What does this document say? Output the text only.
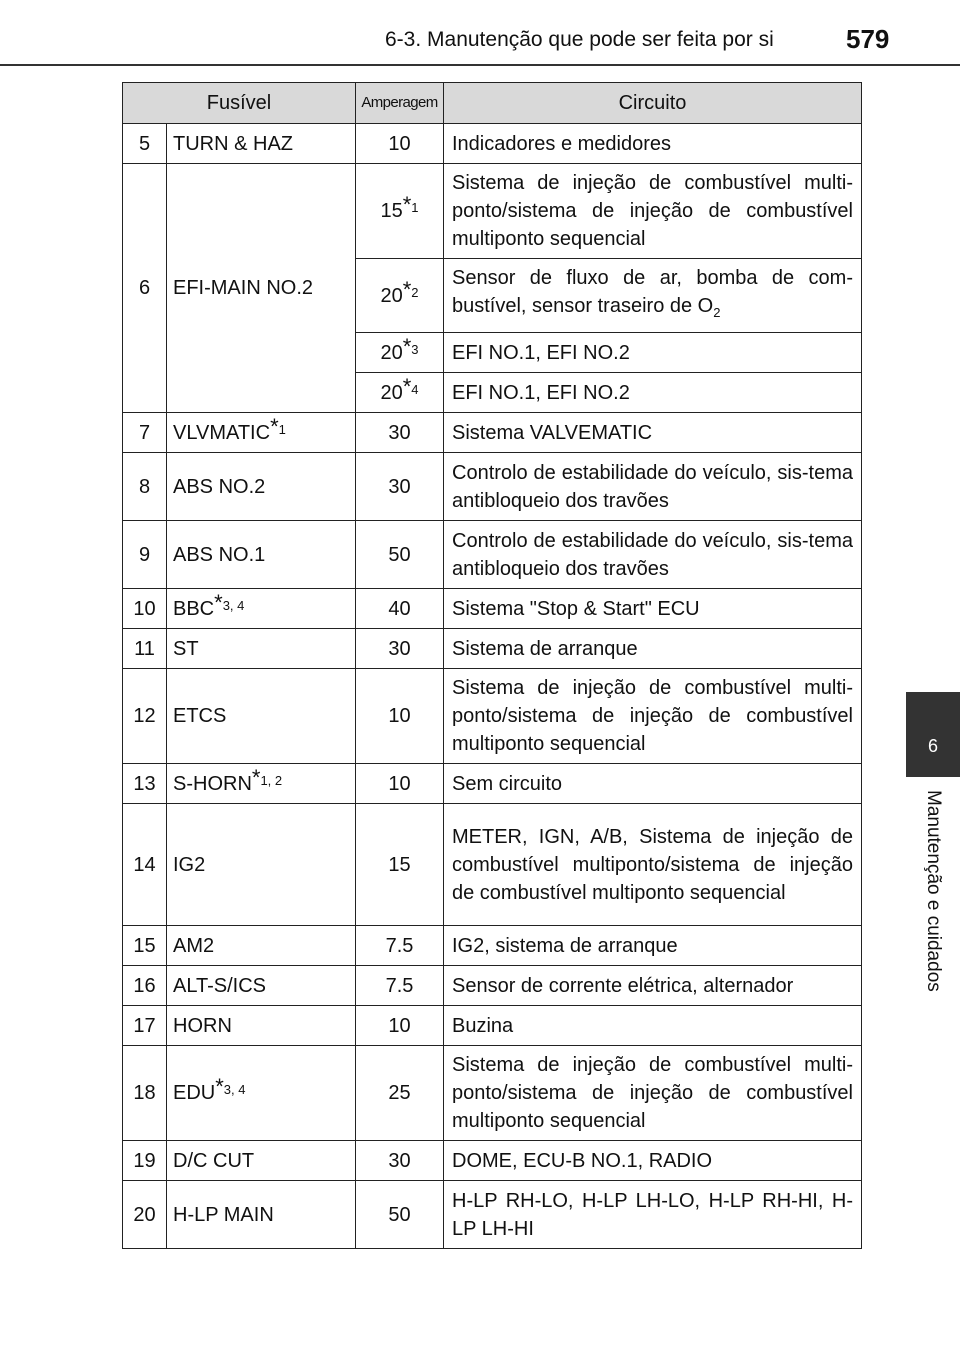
6-3. Manutenção que pode ser feita por si	579
6
Manutenção e cuidados
Fusível		Amperagem	Circuito
5	TURN & HAZ	10	Indicadores e medidores
6	EFI-MAIN NO.2	15$^{*1}$	Sistema de injeção de combustível multi-ponto/sistema de injeção de combustível multiponto sequencial
		20$^{*2}$	Sensor de fluxo de ar, bomba de com-bustível, sensor traseiro de $O_2$
		20$^{*3}$	EFI NO.1, EFI NO.2
		20$^{*4}$	EFI NO.1, EFI NO.2
7	VLVMATIC$^{*1}$	30	Sistema VALVEMATIC
8	ABS NO.2	30	Controlo de estabilidade do veículo, sis-tema antibloqueio dos travões
9	ABS NO.1	50	Controlo de estabilidade do veículo, sis-tema antibloqueio dos travões
10	BBC$^{*3, 4}$	40	Sistema "Stop & Start" ECU
11	ST	30	Sistema de arranque
12	ETCS	10	Sistema de injeção de combustível multi-ponto/sistema de injeção de combustível multiponto sequencial
13	S-HORN$^{*1, 2}$	10	Sem circuito
14	IG2	15	METER, IGN, A/B, Sistema de injeção de combustível multiponto/sistema de injeção de combustível multiponto sequencial
15	AM2	7.5	IG2, sistema de arranque
16	ALT-S/ICS	7.5	Sensor de corrente elétrica, alternador
17	HORN	10	Buzina
18	EDU$^{*3, 4}$	25	Sistema de injeção de combustível multi-ponto/sistema de injeção de combustível multiponto sequencial
19	D/C CUT	30	DOME, ECU-B NO.1, RADIO
20	H-LP MAIN	50	H-LP RH-LO, H-LP LH-LO, H-LP RH-HI, H-LP LH-HI
